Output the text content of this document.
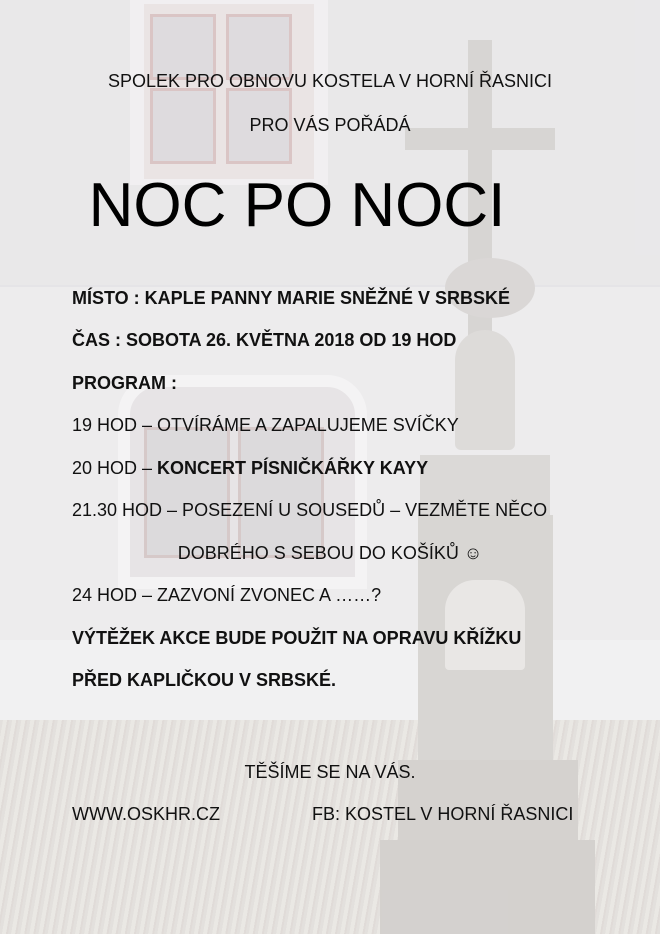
SPOLEK PRO OBNOVU KOSTELA V HORNÍ ŘASNICI

PRO VÁS POŘÁDÁ

NOC PO NOCI

MÍSTO : KAPLE PANNY MARIE SNĚŽNÉ V SRBSKÉ

ČAS : SOBOTA 26. KVĚTNA 2018 OD 19 HOD

PROGRAM :

19 HOD – OTVÍRÁME A ZAPALUJEME SVÍČKY

20 HOD – KONCERT PÍSNIČKÁŘKY KAYY

21.30 HOD – POSEZENÍ U SOUSEDŮ – VEZMĚTE NĚCO

DOBRÉHO S SEBOU DO KOŠÍKŮ ☺

24 HOD – ZAZVONÍ ZVONEC A ……?

VÝTĚŽEK AKCE BUDE POUŽIT NA OPRAVU KŘÍŽKU

PŘED KAPLIČKOU V SRBSKÉ.

TĚŠÍME SE NA VÁS.

WWW.OSKHR.CZ	FB: KOSTEL V HORNÍ ŘASNICI
